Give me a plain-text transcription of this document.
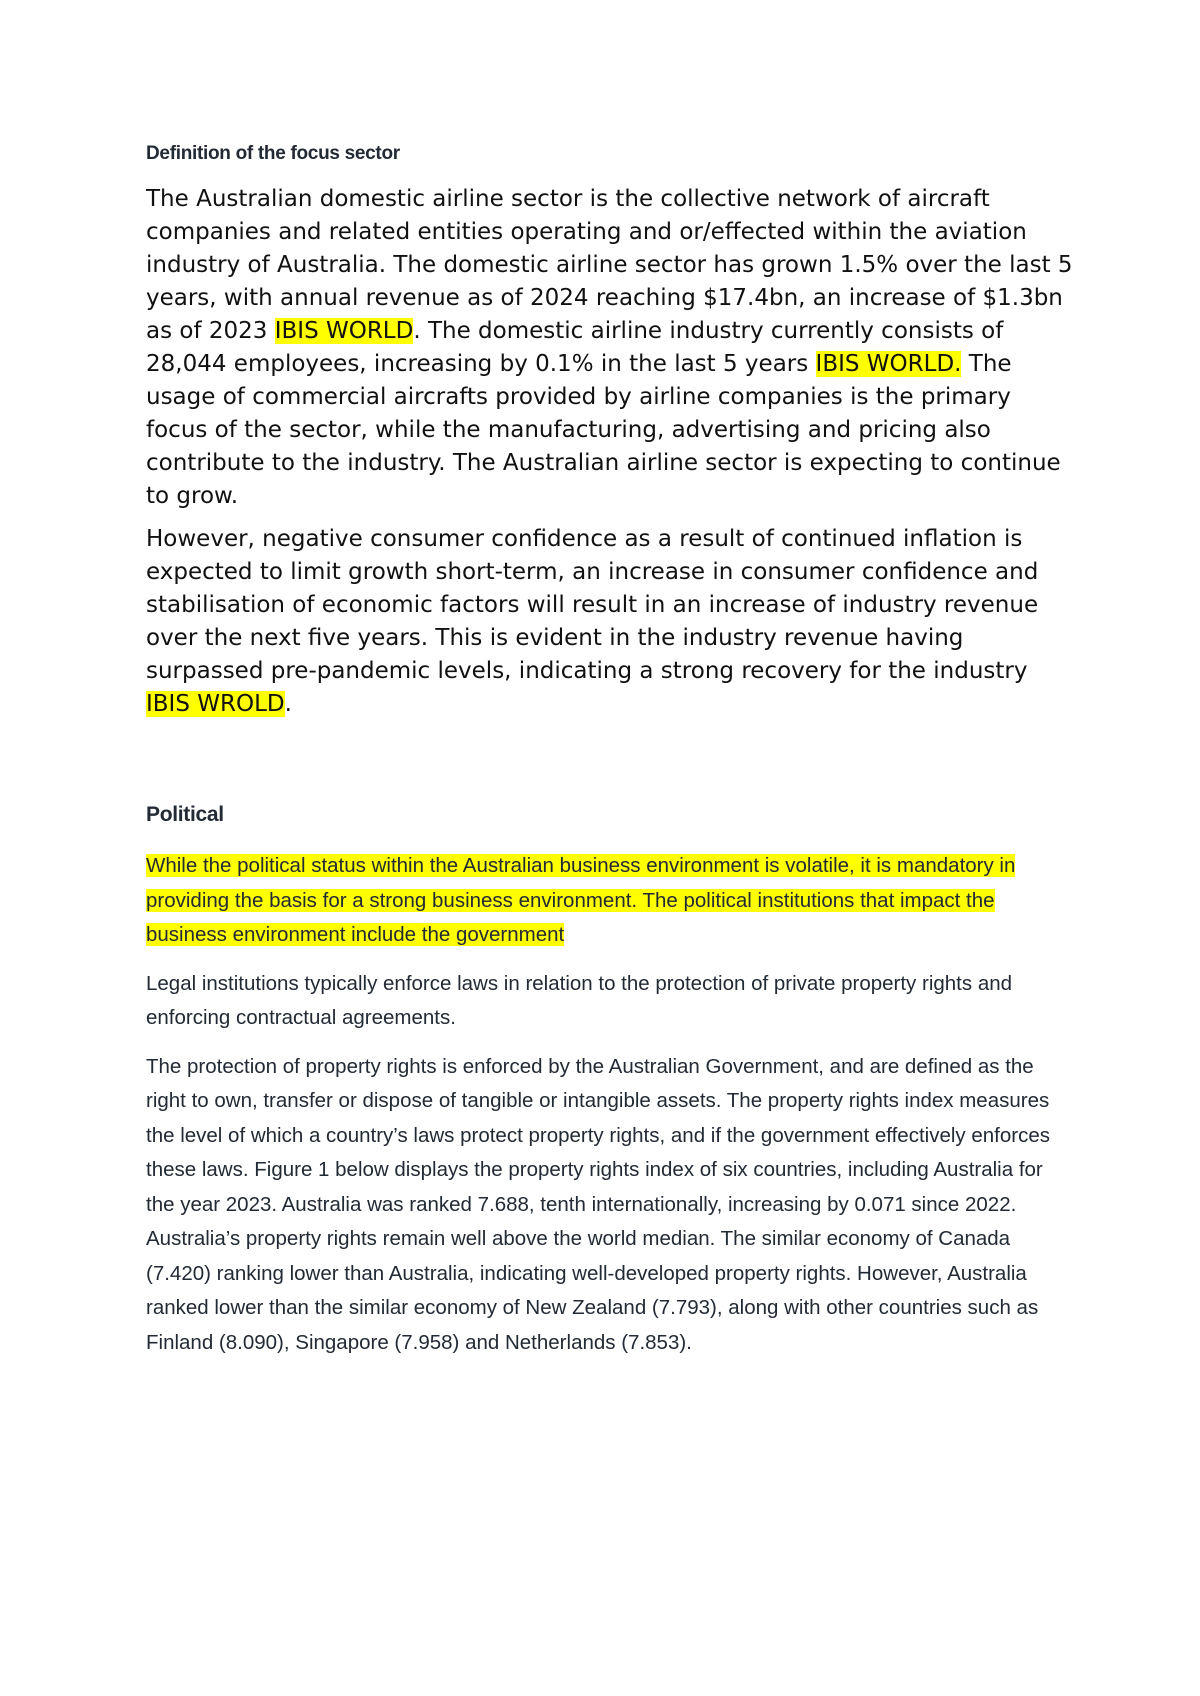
Definition of the focus sector

The Australian domestic airline sector is the collective network of aircraft companies and related entities operating and or/effected within the aviation industry of Australia. The domestic airline sector has grown 1.5% over the last 5 years, with annual revenue as of 2024 reaching $17.4bn, an increase of $1.3bn as of 2023 IBIS WORLD. The domestic airline industry currently consists of 28,044 employees, increasing by 0.1% in the last 5 years IBIS WORLD. The usage of commercial aircrafts provided by airline companies is the primary focus of the sector, while the manufacturing, advertising and pricing also contribute to the industry. The Australian airline sector is expecting to continue to grow.

However, negative consumer confidence as a result of continued inflation is expected to limit growth short-term, an increase in consumer confidence and stabilisation of economic factors will result in an increase of industry revenue over the next five years. This is evident in the industry revenue having surpassed pre-pandemic levels, indicating a strong recovery for the industry IBIS WROLD.

Political

While the political status within the Australian business environment is volatile, it is mandatory in providing the basis for a strong business environment. The political institutions that impact the business environment include the government

Legal institutions typically enforce laws in relation to the protection of private property rights and enforcing contractual agreements.

The protection of property rights is enforced by the Australian Government, and are defined as the right to own, transfer or dispose of tangible or intangible assets. The property rights index measures the level of which a country’s laws protect property rights, and if the government effectively enforces these laws. Figure 1 below displays the property rights index of six countries, including Australia for the year 2023. Australia was ranked 7.688, tenth internationally, increasing by 0.071 since 2022. Australia’s property rights remain well above the world median. The similar economy of Canada (7.420) ranking lower than Australia, indicating well-developed property rights. However, Australia ranked lower than the similar economy of New Zealand (7.793), along with other countries such as Finland (8.090), Singapore (7.958) and Netherlands (7.853).
